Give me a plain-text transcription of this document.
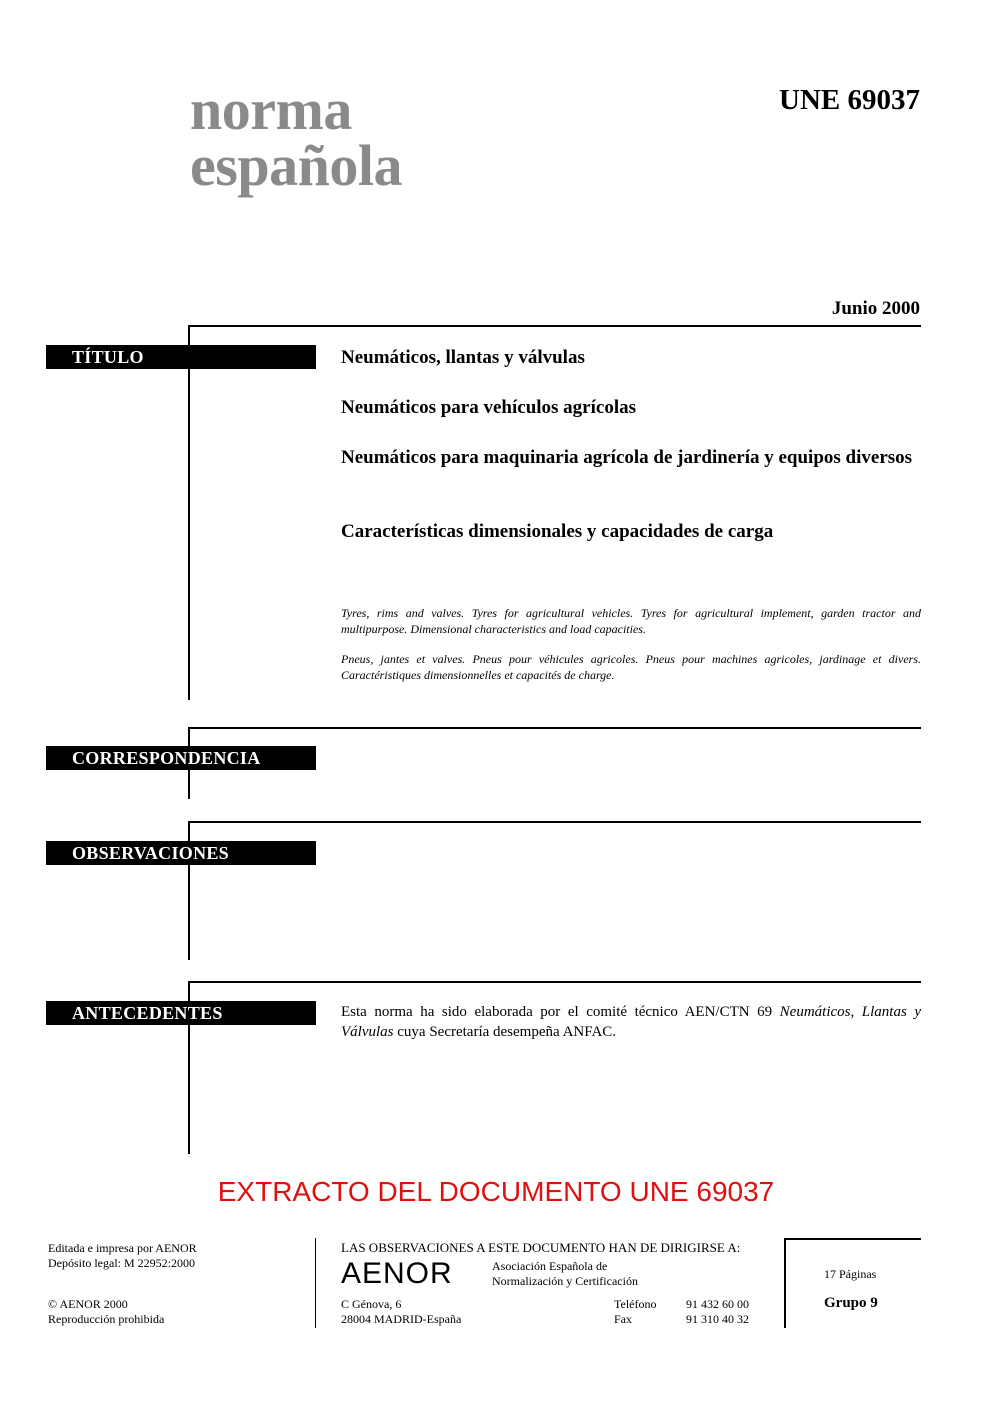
norma
española
UNE 69037
Junio 2000
TÍTULO
CORRESPONDENCIA
OBSERVACIONES
ANTECEDENTES
Neumáticos, llantas y válvulas
Neumáticos para vehículos agrícolas
Neumáticos para maquinaria agrícola de jardinería y equipos diversos
Características dimensionales y capacidades de carga
Tyres, rims and valves. Tyres for agricultural vehicles. Tyres for agricultural implement, garden tractor and multipurpose. Dimensional characteristics and load capacities.
Pneus, jantes et valves. Pneus pour véhicules agricoles. Pneus pour machines agricoles, jardinage et divers. Caractéristiques dimensionnelles et capacités de charge.
Esta norma ha sido elaborada por el comité técnico AEN/CTN 69 Neumáticos, Llantas y Válvulas cuya Secretaría desempeña ANFAC.
EXTRACTO DEL DOCUMENTO UNE 69037
Editada e impresa por AENOR
Depósito legal: M 22952:2000
© AENOR 2000
Reproducción prohibida
LAS OBSERVACIONES A ESTE DOCUMENTO HAN DE DIRIGIRSE A:
AENOR	Asociación Española de
Normalización y Certificación
C Génova, 6
28004 MADRID-España
Teléfono
Fax
91 432 60 00
91 310 40 32
17 Páginas
Grupo 9
